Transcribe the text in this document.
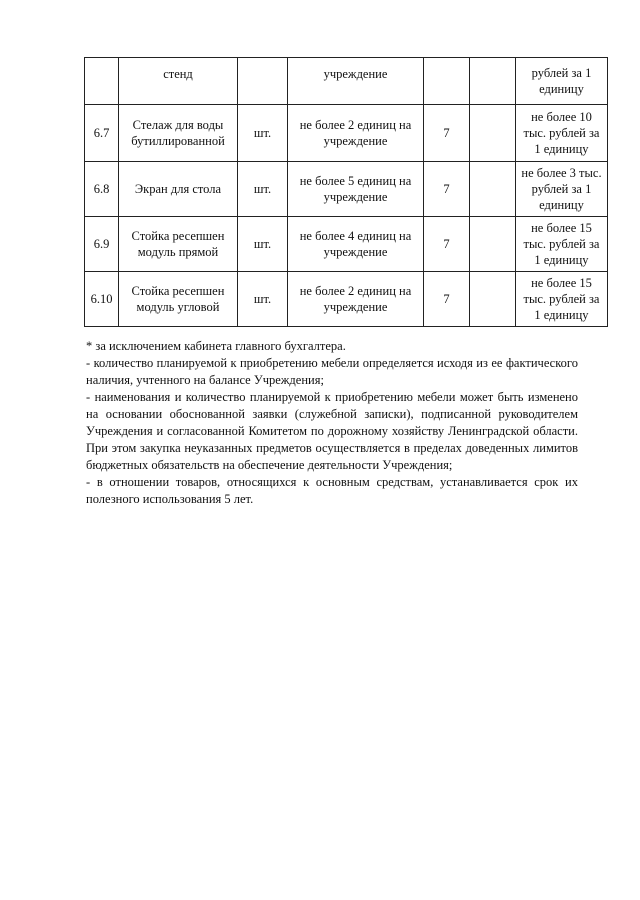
	стенд		учреждение			рублей за 1 единицу
6.7	Стелаж для воды бутиллированной	шт.	не более 2 единиц на учреждение	7		не более 10 тыс. рублей за 1 единицу
6.8	Экран для стола	шт.	не более 5 единиц на учреждение	7		не более 3 тыс. рублей за 1 единицу
6.9	Стойка ресепшен модуль прямой	шт.	не более 4 единиц на учреждение	7		не более 15 тыс. рублей за 1 единицу
6.10	Стойка ресепшен модуль угловой	шт.	не более 2 единиц на учреждение	7		не более 15 тыс. рублей за 1 единицу

* за исключением кабинета главного бухгалтера.

- количество планируемой к приобретению мебели определяется исходя из ее фактического наличия, учтенного на балансе Учреждения;

- наименования и количество планируемой к приобретению мебели может быть изменено на основании обоснованной заявки (служебной записки), подписанной руководителем Учреждения и согласованной Комитетом по дорожному хозяйству Ленинградской области. При этом закупка неуказанных предметов осуществляется в пределах доведенных лимитов бюджетных обязательств на обеспечение деятельности Учреждения;

- в отношении товаров, относящихся к основным средствам, устанавливается срок их полезного использования 5 лет.
